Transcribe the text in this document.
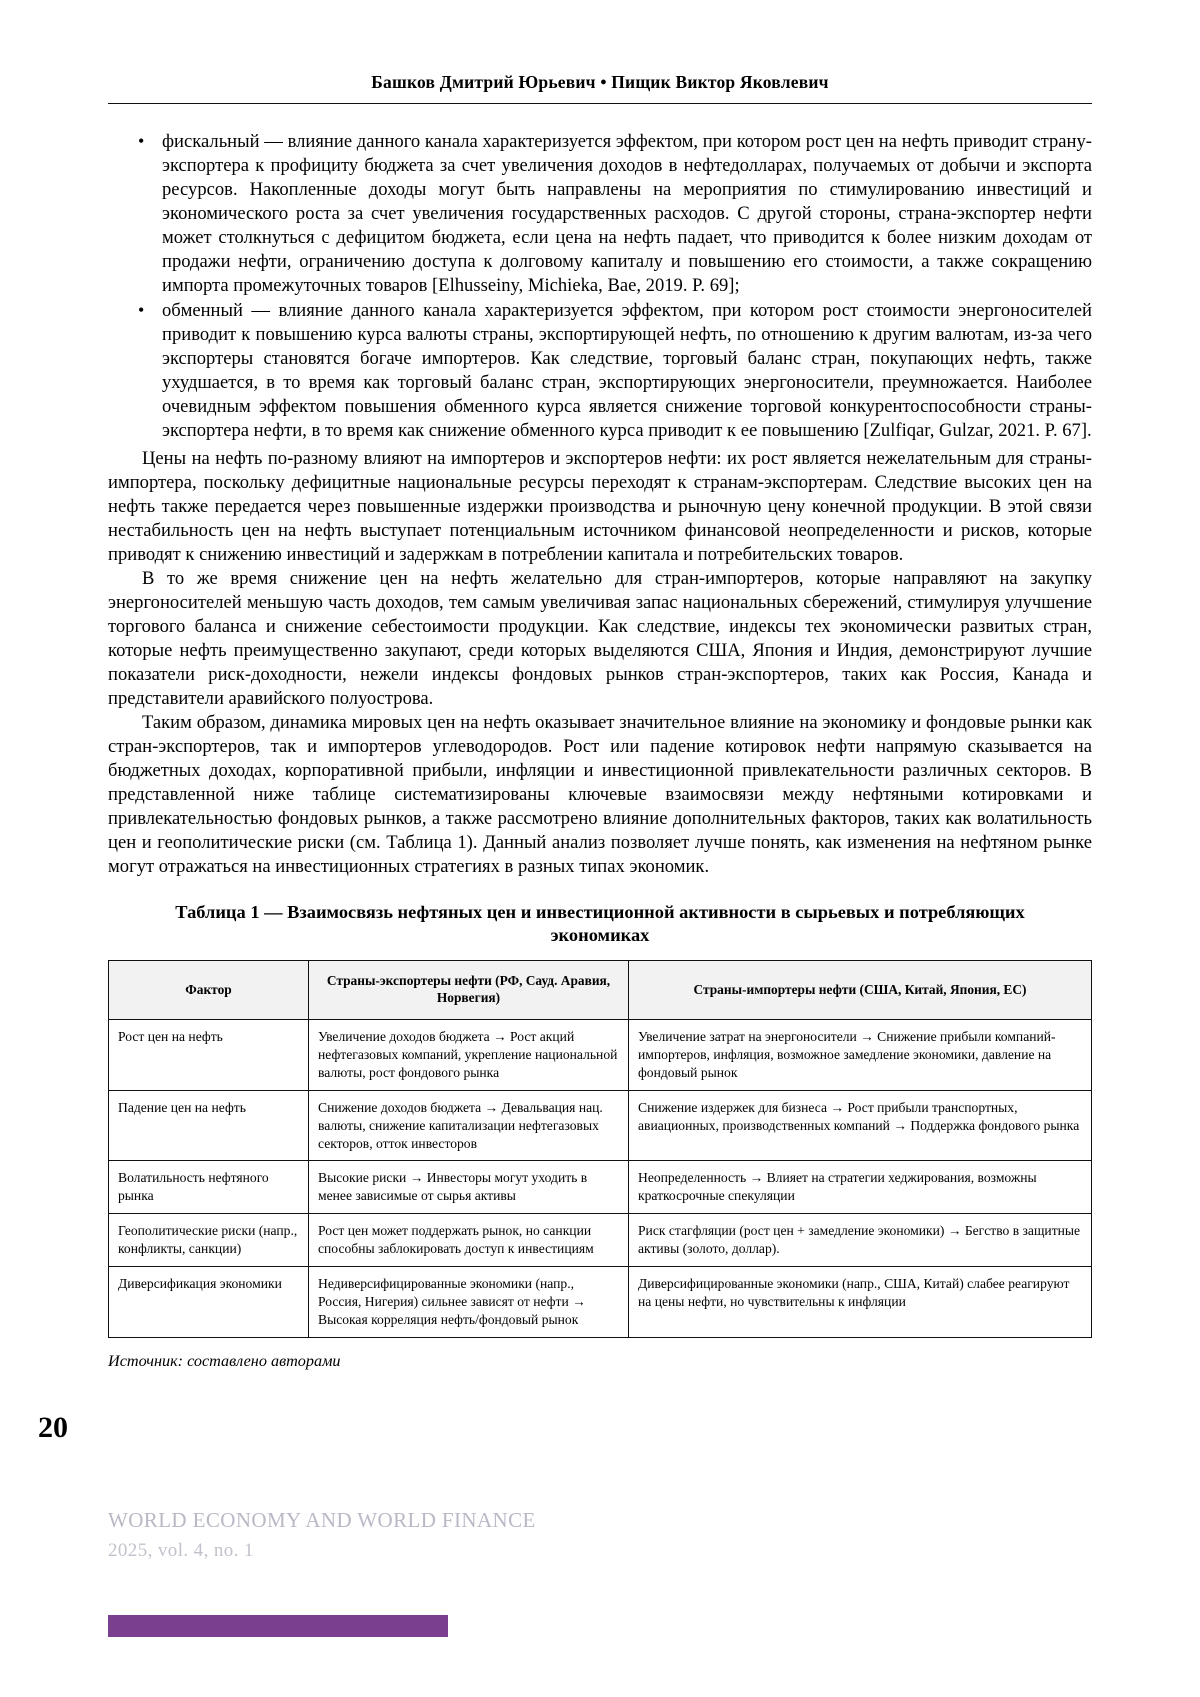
Башков Дмитрий Юрьевич • Пищик Виктор Яковлевич
• фискальный — влияние данного канала характеризуется эффектом, при котором рост цен на нефть приводит страну-экспортера к профициту бюджета за счет увеличения доходов в нефтедолларах, получаемых от добычи и экспорта ресурсов. Накопленные доходы могут быть направлены на мероприятия по стимулированию инвестиций и экономического роста за счет увеличения государственных расходов. С другой стороны, страна-экспортер нефти может столкнуться с дефицитом бюджета, если цена на нефть падает, что приводится к более низким доходам от продажи нефти, ограничению доступа к долговому капиталу и повышению его стоимости, а также сокращению импорта промежуточных товаров [Elhusseiny, Michieka, Bae, 2019. P. 69];
• обменный — влияние данного канала характеризуется эффектом, при котором рост стоимости энергоносителей приводит к повышению курса валюты страны, экспортирующей нефть, по отношению к другим валютам, из-за чего экспортеры становятся богаче импортеров. Как следствие, торговый баланс стран, покупающих нефть, также ухудшается, в то время как торговый баланс стран, экспортирующих энергоносители, преумножается. Наиболее очевидным эффектом повышения обменного курса является снижение торговой конкурентоспособности страны-экспортера нефти, в то время как снижение обменного курса приводит к ее повышению [Zulfiqar, Gulzar, 2021. P. 67].

Цены на нефть по-разному влияют на импортеров и экспортеров нефти: их рост является нежелательным для страны-импортера, поскольку дефицитные национальные ресурсы переходят к странам-экспортерам. Следствие высоких цен на нефть также передается через повышенные издержки производства и рыночную цену конечной продукции. В этой связи нестабильность цен на нефть выступает потенциальным источником финансовой неопределенности и рисков, которые приводят к снижению инвестиций и задержкам в потреблении капитала и потребительских товаров.

В то же время снижение цен на нефть желательно для стран-импортеров, которые направляют на закупку энергоносителей меньшую часть доходов, тем самым увеличивая запас национальных сбережений, стимулируя улучшение торгового баланса и снижение себестоимости продукции. Как следствие, индексы тех экономически развитых стран, которые нефть преимущественно закупают, среди которых выделяются США, Япония и Индия, демонстрируют лучшие показатели риск-доходности, нежели индексы фондовых рынков стран-экспортеров, таких как Россия, Канада и представители аравийского полуострова.

Таким образом, динамика мировых цен на нефть оказывает значительное влияние на экономику и фондовые рынки как стран-экспортеров, так и импортеров углеводородов. Рост или падение котировок нефти напрямую сказывается на бюджетных доходах, корпоративной прибыли, инфляции и инвестиционной привлекательности различных секторов. В представленной ниже таблице систематизированы ключевые взаимосвязи между нефтяными котировками и привлекательностью фондовых рынков, а также рассмотрено влияние дополнительных факторов, таких как волатильность цен и геополитические риски (см. Таблица 1). Данный анализ позволяет лучше понять, как изменения на нефтяном рынке могут отражаться на инвестиционных стратегиях в разных типах экономик.

Таблица 1 — Взаимосвязь нефтяных цен и инвестиционной активности в сырьевых и потребляющих экономиках
Фактор	Страны-экспортеры нефти (РФ, Сауд. Аравия, Норвегия)	Страны-импортеры нефти (США, Китай, Япония, ЕС)
Рост цен на нефть	Увеличение доходов бюджета → Рост акций нефтегазовых компаний, укрепление национальной валюты, рост фондового рынка	Увеличение затрат на энергоносители → Снижение прибыли компаний-импортеров, инфляция, возможное замедление экономики, давление на фондовый рынок
Падение цен на нефть	Снижение доходов бюджета → Девальвация нац. валюты, снижение капитализации нефтегазовых секторов, отток инвесторов	Снижение издержек для бизнеса → Рост прибыли транспортных, авиационных, производственных компаний → Поддержка фондового рынка
Волатильность нефтяного рынка	Высокие риски → Инвесторы могут уходить в менее зависимые от сырья активы	Неопределенность → Влияет на стратегии хеджирования, возможны краткосрочные спекуляции
Геополитические риски (напр., конфликты, санкции)	Рост цен может поддержать рынок, но санкции способны заблокировать доступ к инвестициям	Риск стагфляции (рост цен + замедление экономики) → Бегство в защитные активы (золото, доллар).
Диверсификация экономики	Недиверсифицированные экономики (напр., Россия, Нигерия) сильнее зависят от нефти → Высокая корреляция нефть/фондовый рынок	Диверсифицированные экономики (напр., США, Китай) слабее реагируют на цены нефти, но чувствительны к инфляции
Источник: составлено авторами
20
WORLD ECONOMY AND WORLD FINANCE
2025, vol. 4, no. 1
